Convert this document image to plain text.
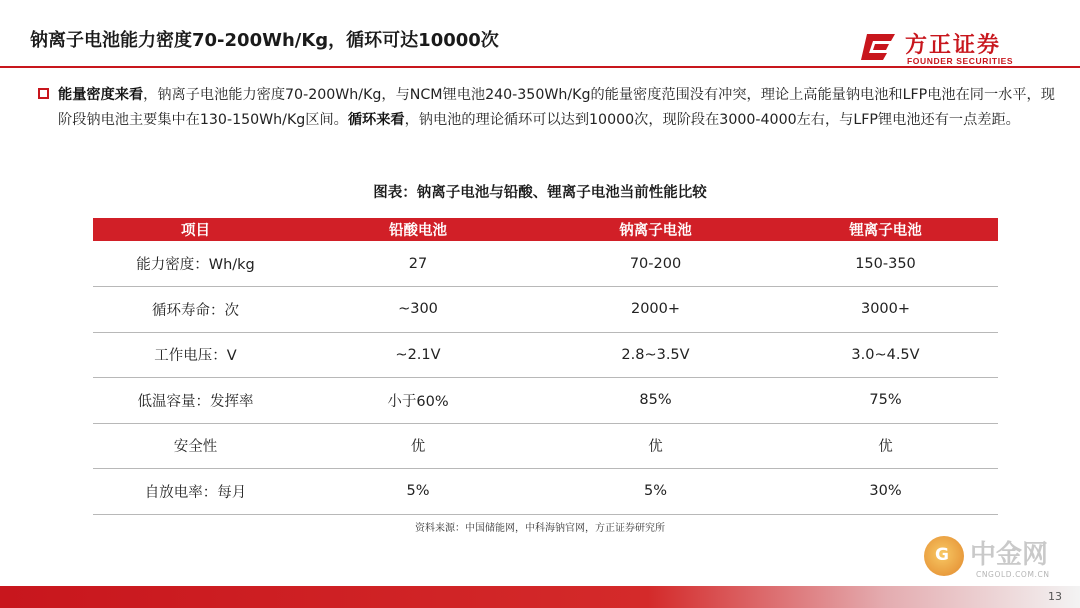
钠离子电池能力密度70-200Wh/Kg，循环可达10000次	方正证券
FOUNDER SECURITIES
能量密度来看，钠离子电池能力密度70-200Wh/Kg，与NCM锂电池240-350Wh/Kg的能量密度范围没有冲突，理论上高能量钠电池和LFP电池在同一水平，现阶段钠电池主要集中在130-150Wh/Kg区间。循环来看，钠电池的理论循环可以达到10000次，现阶段在3000-4000左右，与LFP锂电池还有一点差距。
图表：钠离子电池与铅酸、锂离子电池当前性能比较
项目	铅酸电池	钠离子电池	锂离子电池
能力密度：Wh/kg	27	70-200	150-350
循环寿命：次	~300	2000+	3000+
工作电压：V	~2.1V	2.8~3.5V	3.0~4.5V
低温容量：发挥率	小于60%	85%	75%
安全性	优	优	优
自放电率：每月	5%	5%	30%
资料来源：中国储能网，中科海钠官网，方正证券研究所
G 中金网
CNGOLD.COM.CN
13
